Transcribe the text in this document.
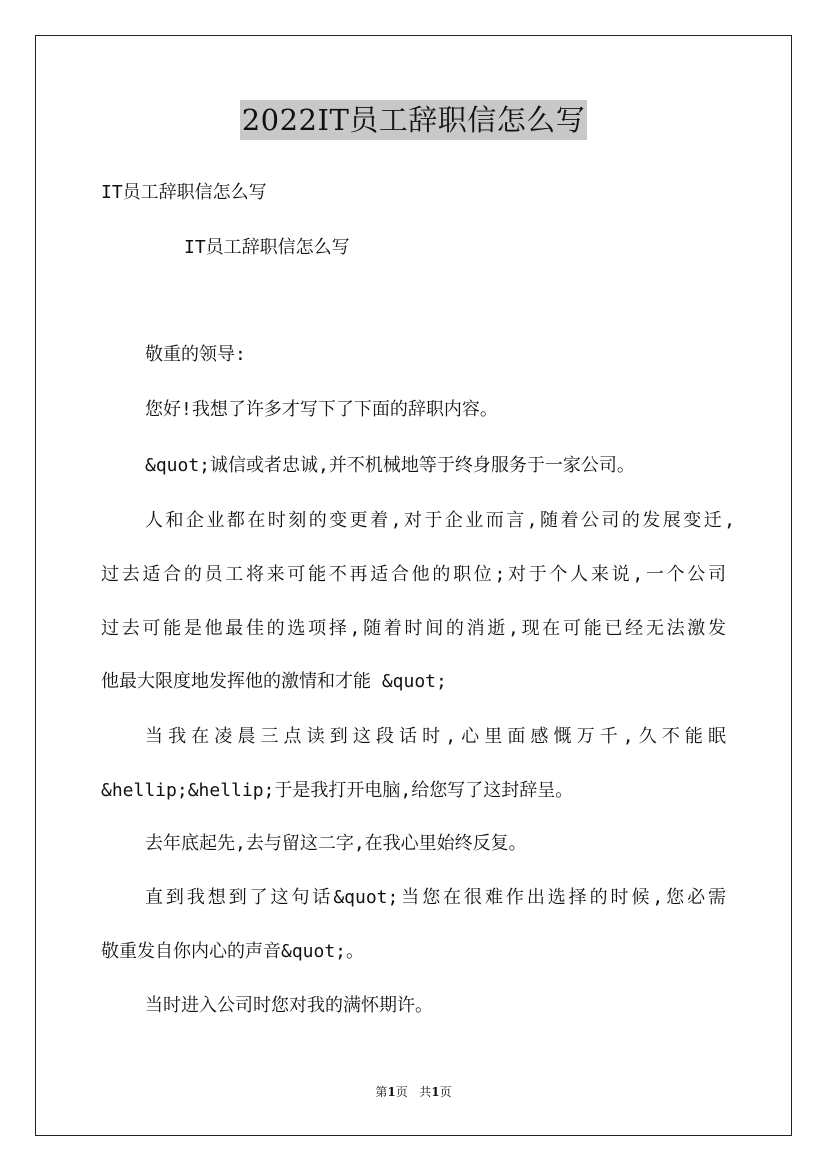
2022IT员工辞职信怎么写
IT员工辞职信怎么写
IT员工辞职信怎么写
敬重的领导:
您好!我想了许多才写下了下面的辞职内容。
&quot;诚信或者忠诚,并不机械地等于终身服务于一家公司。
人和企业都在时刻的变更着,对于企业而言,随着公司的发展变迁,
过去适合的员工将来可能不再适合他的职位;对于个人来说,一个公司
过去可能是他最佳的选项择,随着时间的消逝,现在可能已经无法激发
他最大限度地发挥他的激情和才能 &quot;
当我在凌晨三点读到这段话时,心里面感慨万千,久不能眠
&hellip;&hellip;于是我打开电脑,给您写了这封辞呈。
去年底起先,去与留这二字,在我心里始终反复。
直到我想到了这句话&quot;当您在很难作出选择的时候,您必需
敬重发自你内心的声音&quot;。
当时进入公司时您对我的满怀期许。
第1页 共1页
